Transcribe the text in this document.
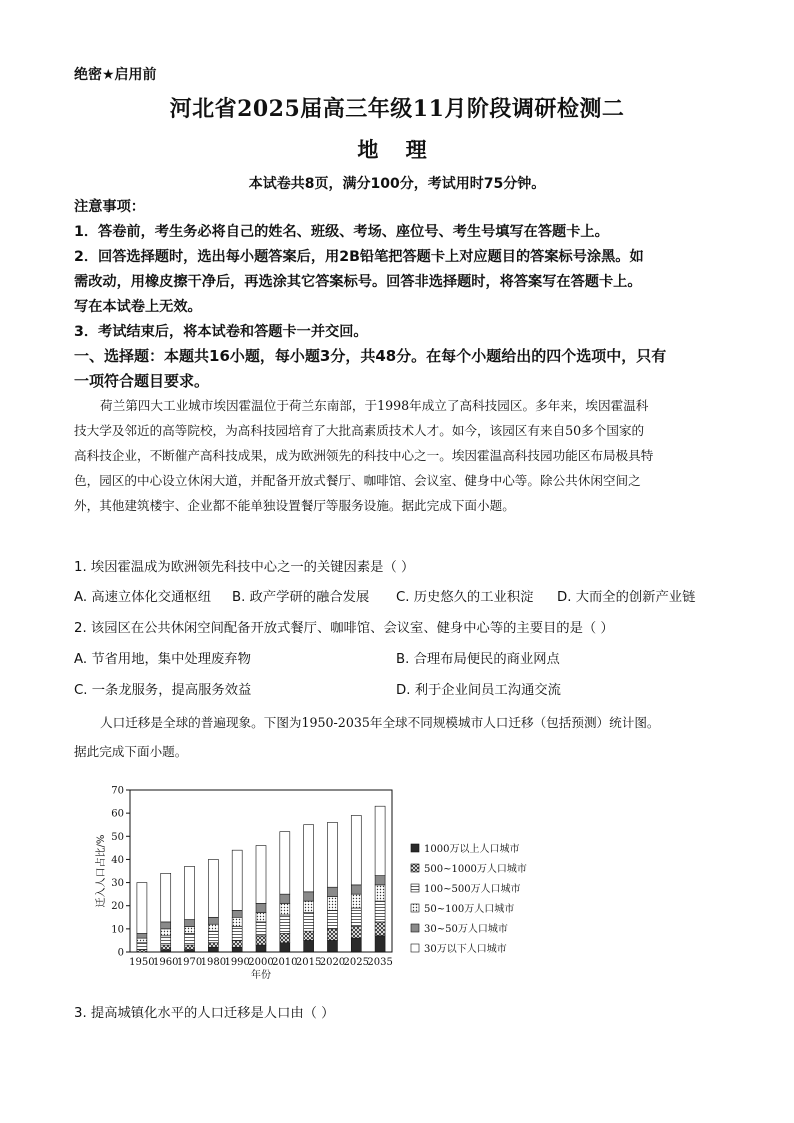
绝密★启用前
河北省2025届高三年级11月阶段调研检测二
地 理
本试卷共8页，满分100分，考试用时75分钟。
注意事项：
1．答卷前，考生务必将自己的姓名、班级、考场、座位号、考生号填写在答题卡上。
2．回答选择题时，选出每小题答案后，用2B铅笔把答题卡上对应题目的答案标号涂黑。如
需改动，用橡皮擦干净后，再选涂其它答案标号。回答非选择题时，将答案写在答题卡上。
写在本试卷上无效。
3．考试结束后，将本试卷和答题卡一并交回。
一、选择题：本题共16小题，每小题3分，共48分。在每个小题给出的四个选项中，只有
一项符合题目要求。
荷兰第四大工业城市埃因霍温位于荷兰东南部，于1998年成立了高科技园区。多年来，埃因霍温科
技大学及邻近的高等院校，为高科技园培育了大批高素质技术人才。如今，该园区有来自50多个国家的
高科技企业，不断催产高科技成果，成为欧洲领先的科技中心之一。埃因霍温高科技园功能区布局极具特
色，园区的中心设立休闲大道，并配备开放式餐厅、咖啡馆、会议室、健身中心等。除公共休闲空间之
外，其他建筑楼宇、企业都不能单独设置餐厅等服务设施。据此完成下面小题。
1. 埃因霍温成为欧洲领先科技中心之一的关键因素是（ ）
A. 高速立体化交通枢纽 B. 政产学研的融合发展 C. 历史悠久的工业积淀 D. 大而全的创新产业链
2. 该园区在公共休闲空间配备开放式餐厅、咖啡馆、会议室、健身中心等的主要目的是（ ）
A. 节省用地，集中处理废弃物	B. 合理布局便民的商业网点
C. 一条龙服务，提高服务效益	D. 利于企业间员工沟通交流
人口迁移是全球的普遍现象。下图为1950-2035年全球不同规模城市人口迁移（包括预测）统计图。
据此完成下面小题。
0
10
20
30
40
50
60
70
迁入人口占比/%
1950
1960
1970
1980
1990
2000
2010
2015
2020
2025
2035
年份
1000万以上人口城市
500~1000万人口城市
100~500万人口城市
50~100万人口城市
30~50万人口城市
30万以下人口城市
3. 提高城镇化水平的人口迁移是人口由（ ）
